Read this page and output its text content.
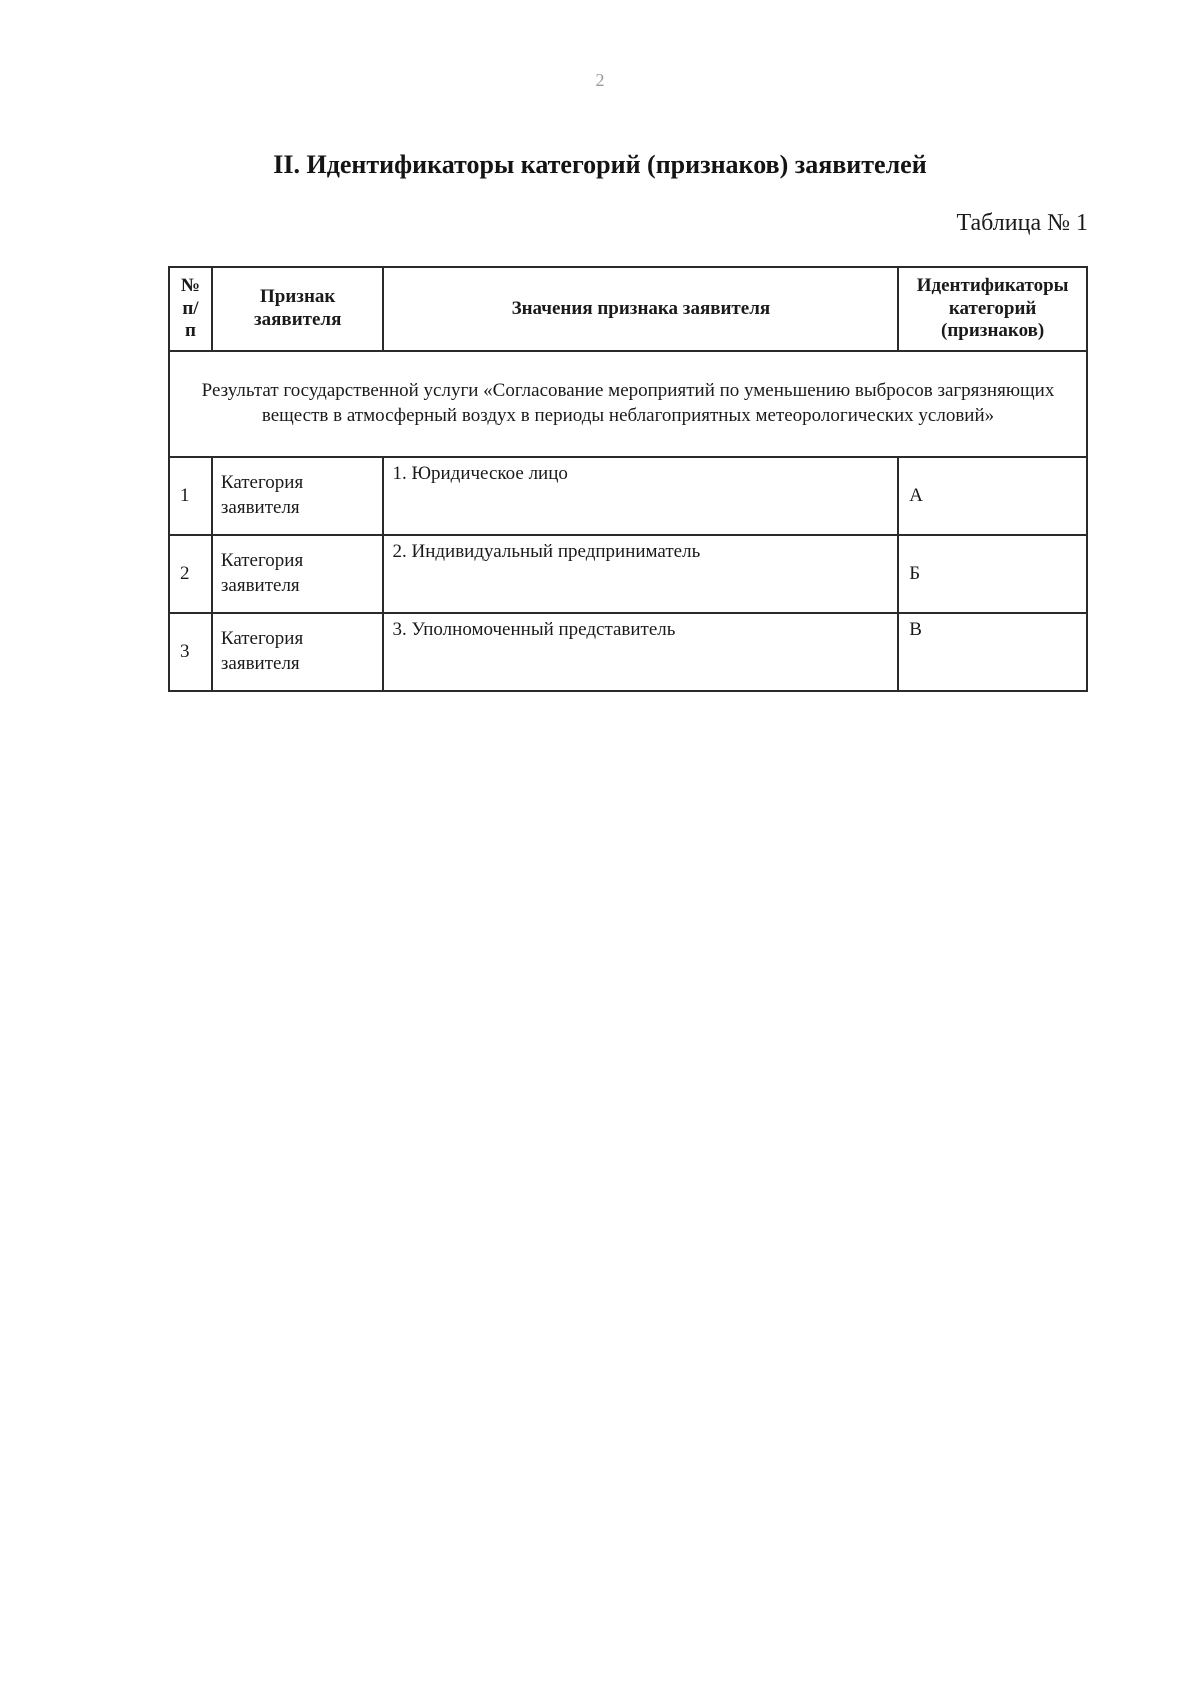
2
II. Идентификаторы категорий (признаков) заявителей
Таблица № 1
№ п/п	Признак заявителя	Значения признака заявителя	Идентификаторы категорий (признаков)
Результат государственной услуги «Согласование мероприятий по уменьшению выбросов загрязняющих веществ в атмосферный воздух в периоды неблагоприятных метеорологических условий»			
1	Категория заявителя	1. Юридическое лицо	А
2	Категория заявителя	2. Индивидуальный предприниматель	Б
3	Категория заявителя	3. Уполномоченный представитель	В
